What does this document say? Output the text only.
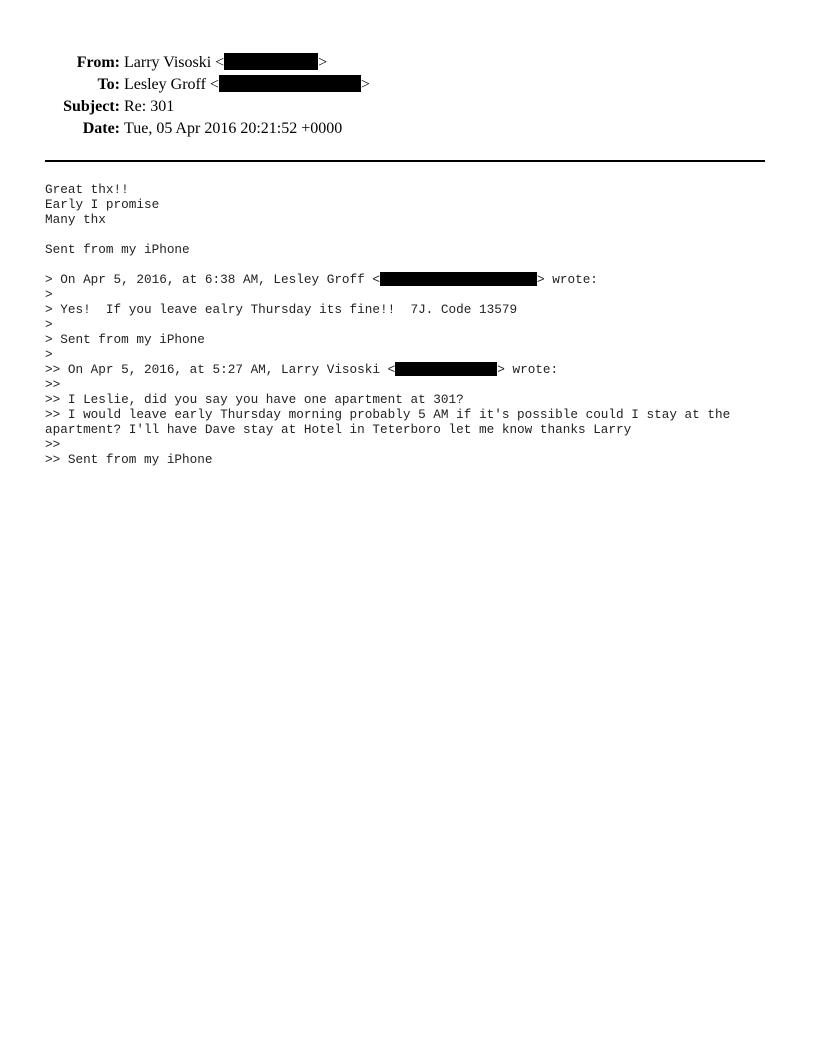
From: Larry Visoski <	>
To: Lesley Groff <	>
Subject: Re: 301
Date: Tue, 05 Apr 2016 20:21:52 +0000
Great thx!!
Early I promise
Many thx
Sent from my iPhone
> On Apr 5, 2016, at 6:38 AM, Lesley Groff <	> wrote:
>
> Yes!  If you leave ealry Thursday its fine!!  7J. Code 13579
>
> Sent from my iPhone
>
>> On Apr 5, 2016, at 5:27 AM, Larry Visoski <	> wrote:
>>
>> I Leslie, did you say you have one apartment at 301?
>> I would leave early Thursday morning probably 5 AM if it's possible could I stay at the apartment? I'll have Dave stay at Hotel in Teterboro let me know thanks Larry
>>
>> Sent from my iPhone
